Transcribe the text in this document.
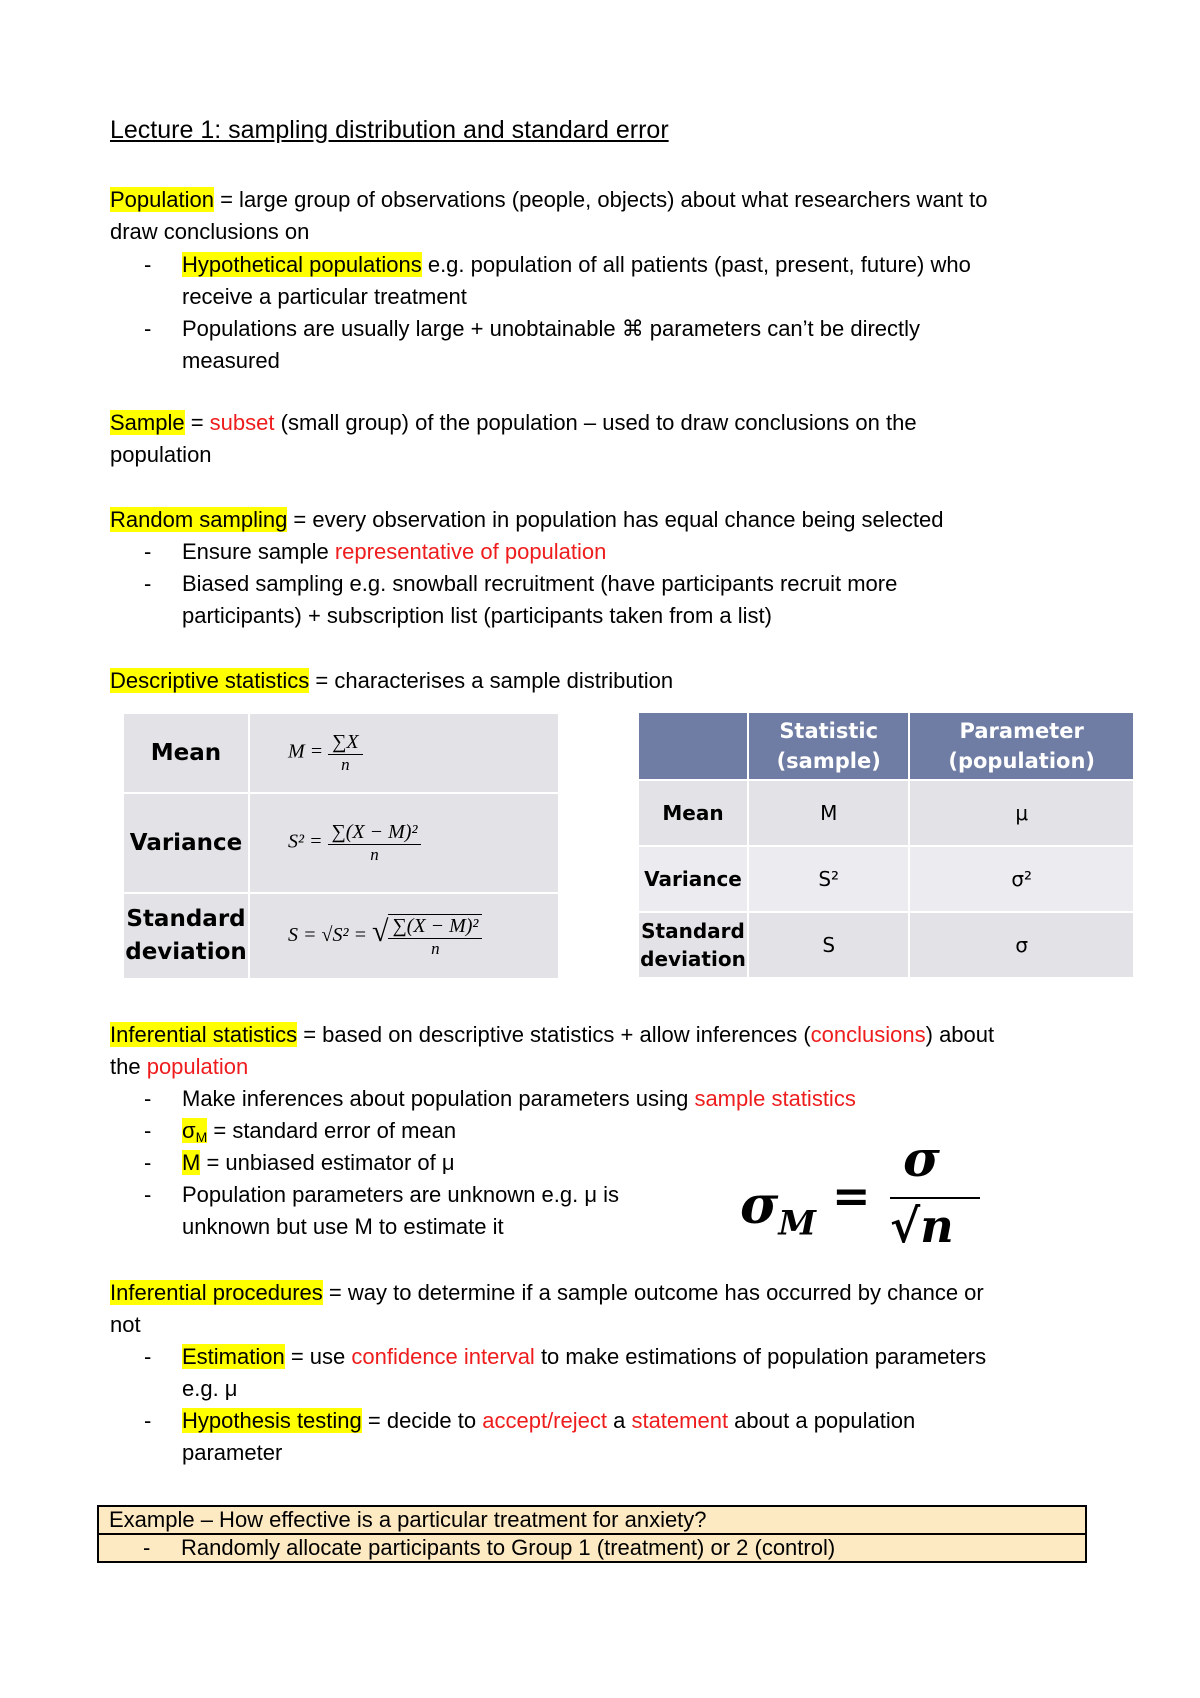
Lecture 1: sampling distribution and standard error
Population = large group of observations (people, objects) about what researchers want to
draw conclusions on
- Hypothetical populations e.g. population of all patients (past, present, future) who
receive a particular treatment
- Populations are usually large + unobtainable ⌘ parameters can’t be directly
measured
Sample = subset (small group) of the population – used to draw conclusions on the
population
Random sampling = every observation in population has equal chance being selected
- Ensure sample representative of population
- Biased sampling e.g. snowball recruitment (have participants recruit more
participants) + subscription list (participants taken from a list)
Descriptive statistics = characterises a sample distribution
Mean	$M = \frac{\sum X}{n}$

Variance	$S^2 = \frac{\text{∑(X − M)²}}{n}$

Standard
deviation	S = √S² = √ $\frac{\text{∑(X − M)²}}{n}$
	Statistic
(sample)	Parameter
(population)
Mean	M	μ
Variance	S²	σ²
Standard
deviation	S	σ
Inferential statistics = based on descriptive statistics + allow inferences (conclusions) about
the population
- Make inferences about population parameters using sample statistics
- $\sigma_M$ = standard error of mean
- M = unbiased estimator of μ
- Population parameters are unknown e.g. μ is
unknown but use M to estimate it	$\sigma_M$
=
σ
√n
Inferential procedures = way to determine if a sample outcome has occurred by chance or
not
- Estimation = use confidence interval to make estimations of population parameters
e.g. μ
- Hypothesis testing = decide to accept/reject a statement about a population
parameter
Example – How effective is a particular treatment for anxiety?
- Randomly allocate participants to Group 1 (treatment) or 2 (control)
